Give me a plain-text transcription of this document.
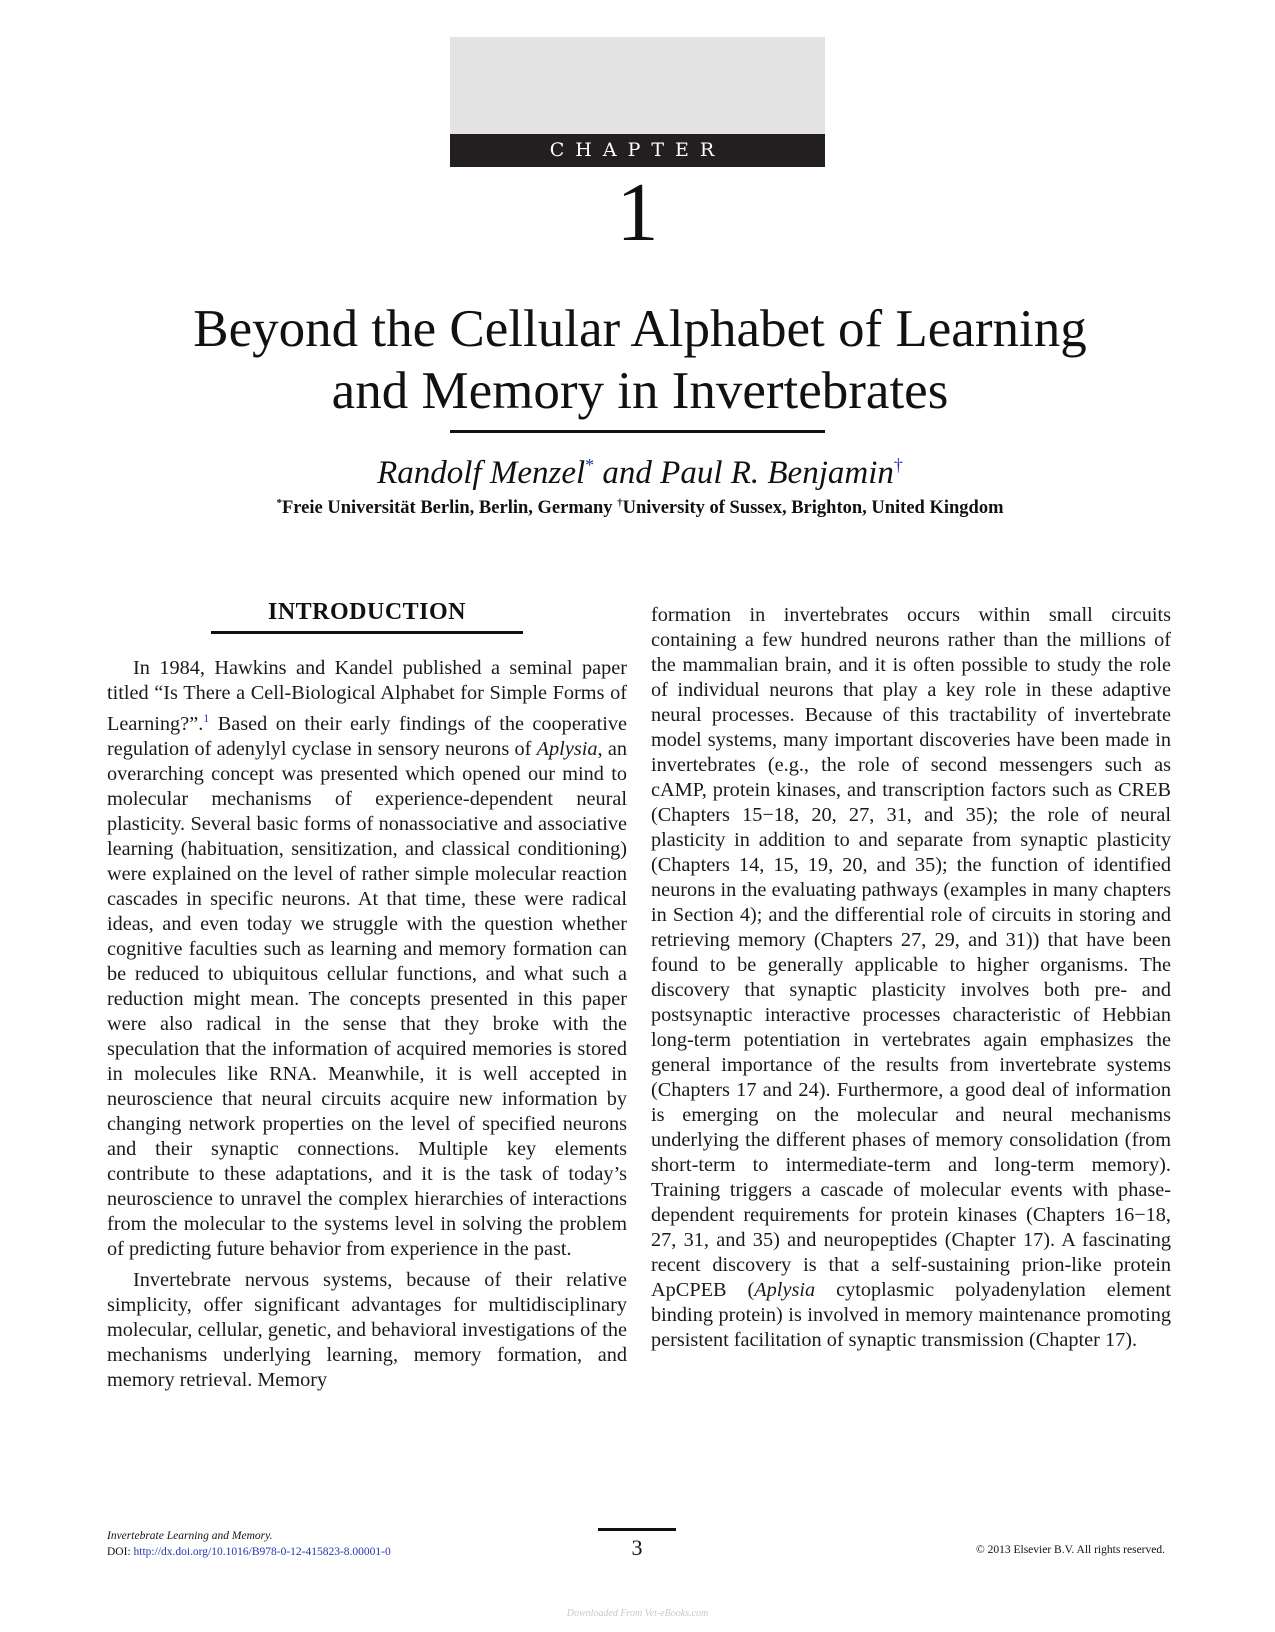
CHAPTER
1
Beyond the Cellular Alphabet of Learning
and Memory in Invertebrates
Randolf Menzel* and Paul R. Benjamin†
*Freie Universität Berlin, Berlin, Germany †University of Sussex, Brighton, United Kingdom
INTRODUCTION

In 1984, Hawkins and Kandel published a seminal paper titled “Is There a Cell-Biological Alphabet for Simple Forms of Learning?”.$^1$ Based on their early findings of the cooperative regulation of adenylyl cyclase in sensory neurons of Aplysia, an overarching concept was presented which opened our mind to molecular mechanisms of experience-dependent neural plasticity. Several basic forms of nonassociative and associative learning (habituation, sensitization, and classical conditioning) were explained on the level of rather simple molecular reaction cascades in specific neurons. At that time, these were radical ideas, and even today we struggle with the question whether cognitive faculties such as learning and memory formation can be reduced to ubiquitous cellular functions, and what such a reduction might mean. The concepts presented in this paper were also radical in the sense that they broke with the speculation that the information of acquired memories is stored in molecules like RNA. Meanwhile, it is well accepted in neuroscience that neural circuits acquire new information by changing network properties on the level of specified neurons and their synaptic connections. Multiple key elements contribute to these adaptations, and it is the task of today’s neuroscience to unravel the complex hierarchies of interactions from the molecular to the systems level in solving the problem of predicting future behavior from experience in the past.

Invertebrate nervous systems, because of their relative simplicity, offer significant advantages for multidisciplinary molecular, cellular, genetic, and behavioral investigations of the mechanisms underlying learning, memory formation, and memory retrieval. Memory

formation in invertebrates occurs within small circuits containing a few hundred neurons rather than the millions of the mammalian brain, and it is often possible to study the role of individual neurons that play a key role in these adaptive neural processes. Because of this tractability of invertebrate model systems, many important discoveries have been made in invertebrates (e.g., the role of second messengers such as cAMP, protein kinases, and transcription factors such as CREB (Chapters 15−18, 20, 27, 31, and 35); the role of neural plasticity in addition to and separate from synaptic plasticity (Chapters 14, 15, 19, 20, and 35); the function of identified neurons in the evaluating pathways (examples in many chapters in Section 4); and the differential role of circuits in storing and retrieving memory (Chapters 27, 29, and 31)) that have been found to be generally applicable to higher organisms. The discovery that synaptic plasticity involves both pre- and postsynaptic interactive processes characteristic of Hebbian long-term potentiation in vertebrates again emphasizes the general importance of the results from invertebrate systems (Chapters 17 and 24). Furthermore, a good deal of information is emerging on the molecular and neural mechanisms underlying the different phases of memory consolidation (from short-term to intermediate-term and long-term memory). Training triggers a cascade of molecular events with phase-dependent requirements for protein kinases (Chapters 16−18, 27, 31, and 35) and neuropeptides (Chapter 17). A fascinating recent discovery is that a self-sustaining prion-like protein ApCPEB (Aplysia cytoplasmic polyadenylation element binding protein) is involved in memory maintenance promoting persistent facilitation of synaptic transmission (Chapter 17).

Invertebrate Learning and Memory.
DOI: http://dx.doi.org/10.1016/B978-0-12-415823-8.00001-0	3	© 2013 Elsevier B.V. All rights reserved.
Downloaded From Vet-eBooks.com
